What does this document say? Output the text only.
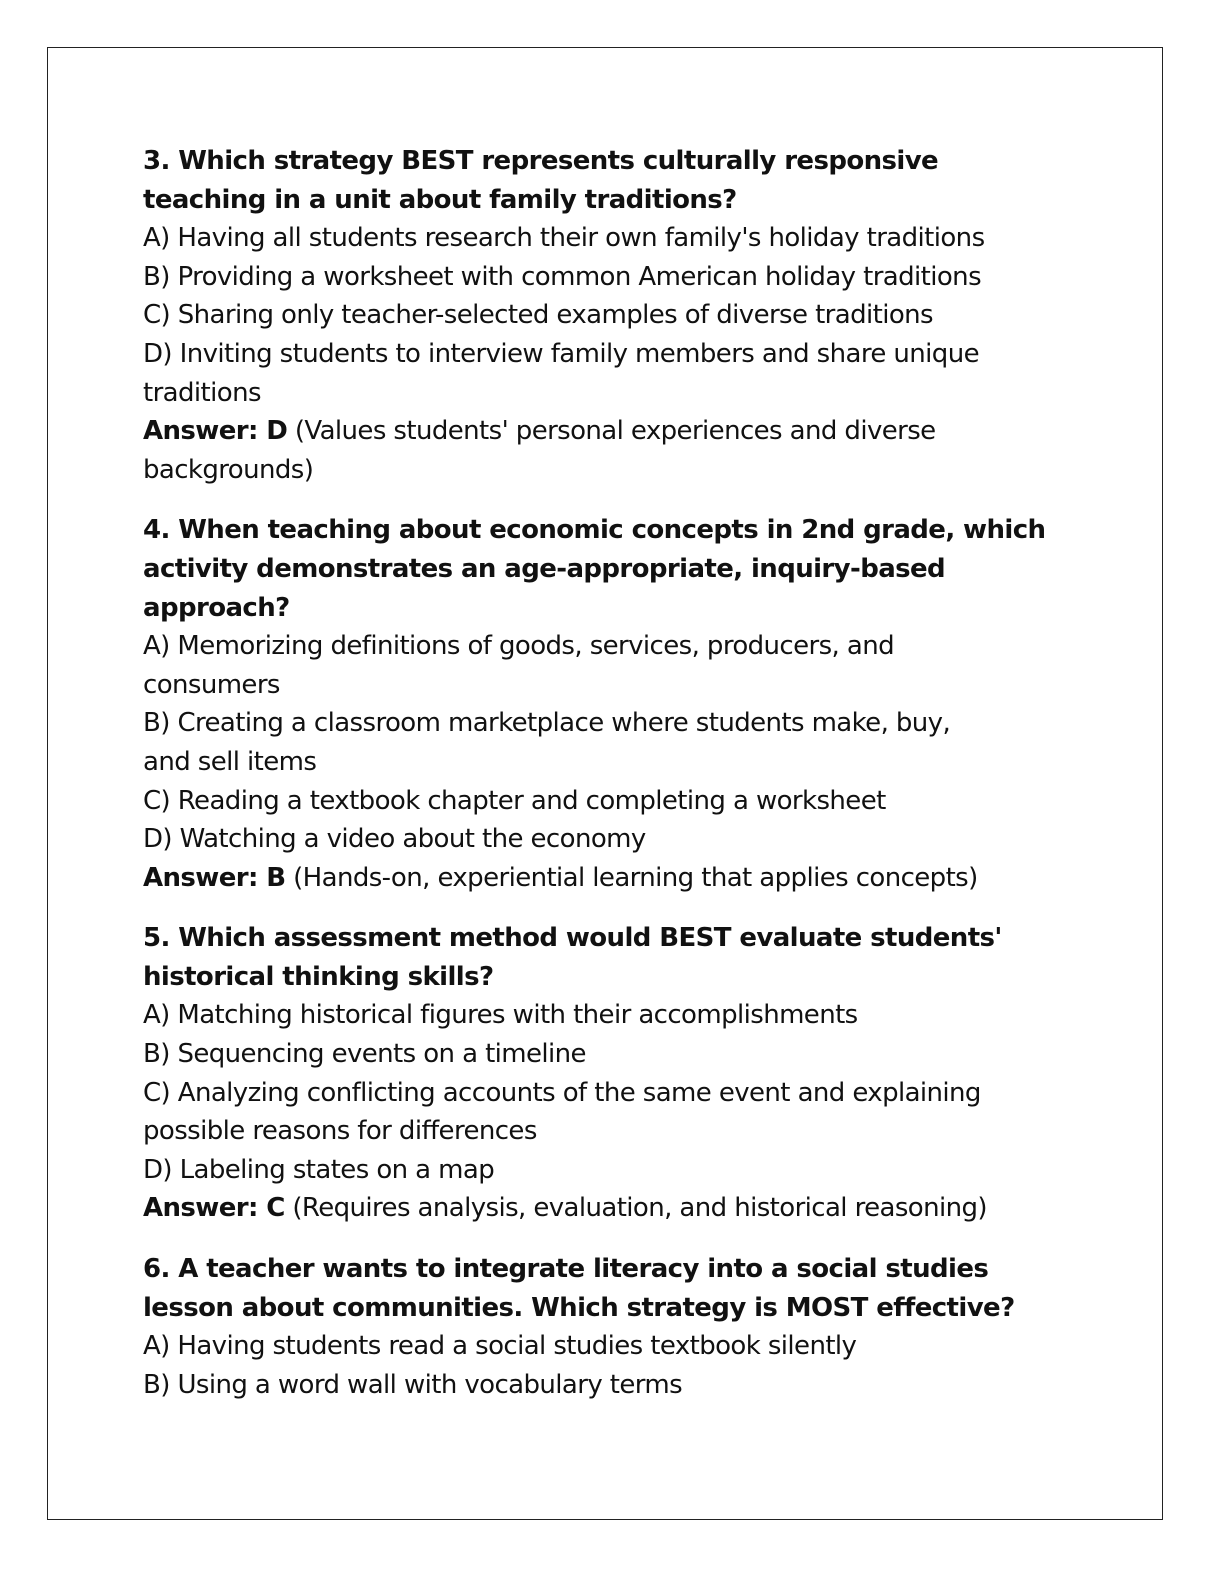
3. Which strategy BEST represents culturally responsive
teaching in a unit about family traditions?
A) Having all students research their own family's holiday traditions
B) Providing a worksheet with common American holiday traditions
C) Sharing only teacher-selected examples of diverse traditions
D) Inviting students to interview family members and share unique
traditions
Answer: D (Values students' personal experiences and diverse
backgrounds)
4. When teaching about economic concepts in 2nd grade, which
activity demonstrates an age-appropriate, inquiry-based
approach?
A) Memorizing definitions of goods, services, producers, and
consumers
B) Creating a classroom marketplace where students make, buy,
and sell items
C) Reading a textbook chapter and completing a worksheet
D) Watching a video about the economy
Answer: B (Hands-on, experiential learning that applies concepts)
5. Which assessment method would BEST evaluate students'
historical thinking skills?
A) Matching historical figures with their accomplishments
B) Sequencing events on a timeline
C) Analyzing conflicting accounts of the same event and explaining
possible reasons for differences
D) Labeling states on a map
Answer: C (Requires analysis, evaluation, and historical reasoning)
6. A teacher wants to integrate literacy into a social studies
lesson about communities. Which strategy is MOST effective?
A) Having students read a social studies textbook silently
B) Using a word wall with vocabulary terms
